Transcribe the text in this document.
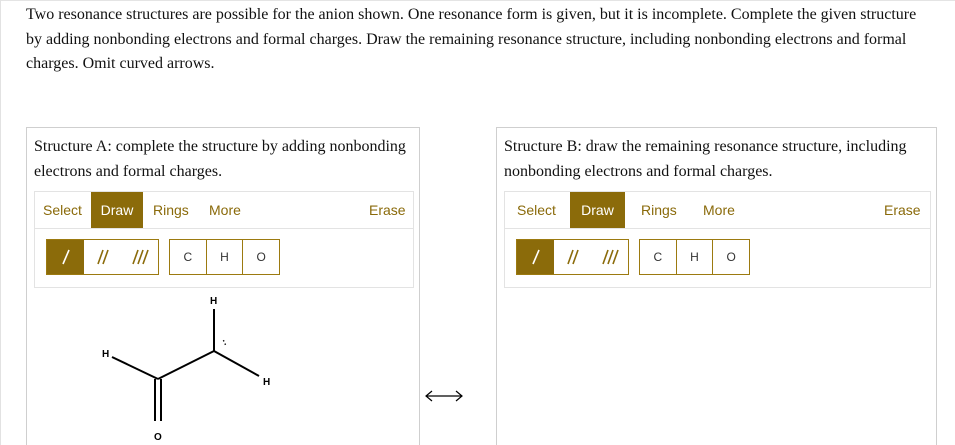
Two resonance structures are possible for the anion shown. One resonance form is given, but it is incomplete. Complete the given structure by adding nonbonding electrons and formal charges. Draw the remaining resonance structure, including nonbonding electrons and formal charges. Omit curved arrows.
Structure A: complete the structure by adding nonbonding electrons and formal charges.
Select	Draw	Rings More	Erase
C	H	O
H
H
H
O
:
Structure B: draw the remaining resonance structure, including nonbonding electrons and formal charges.
Select	Draw	Rings More	Erase
C	H	O
